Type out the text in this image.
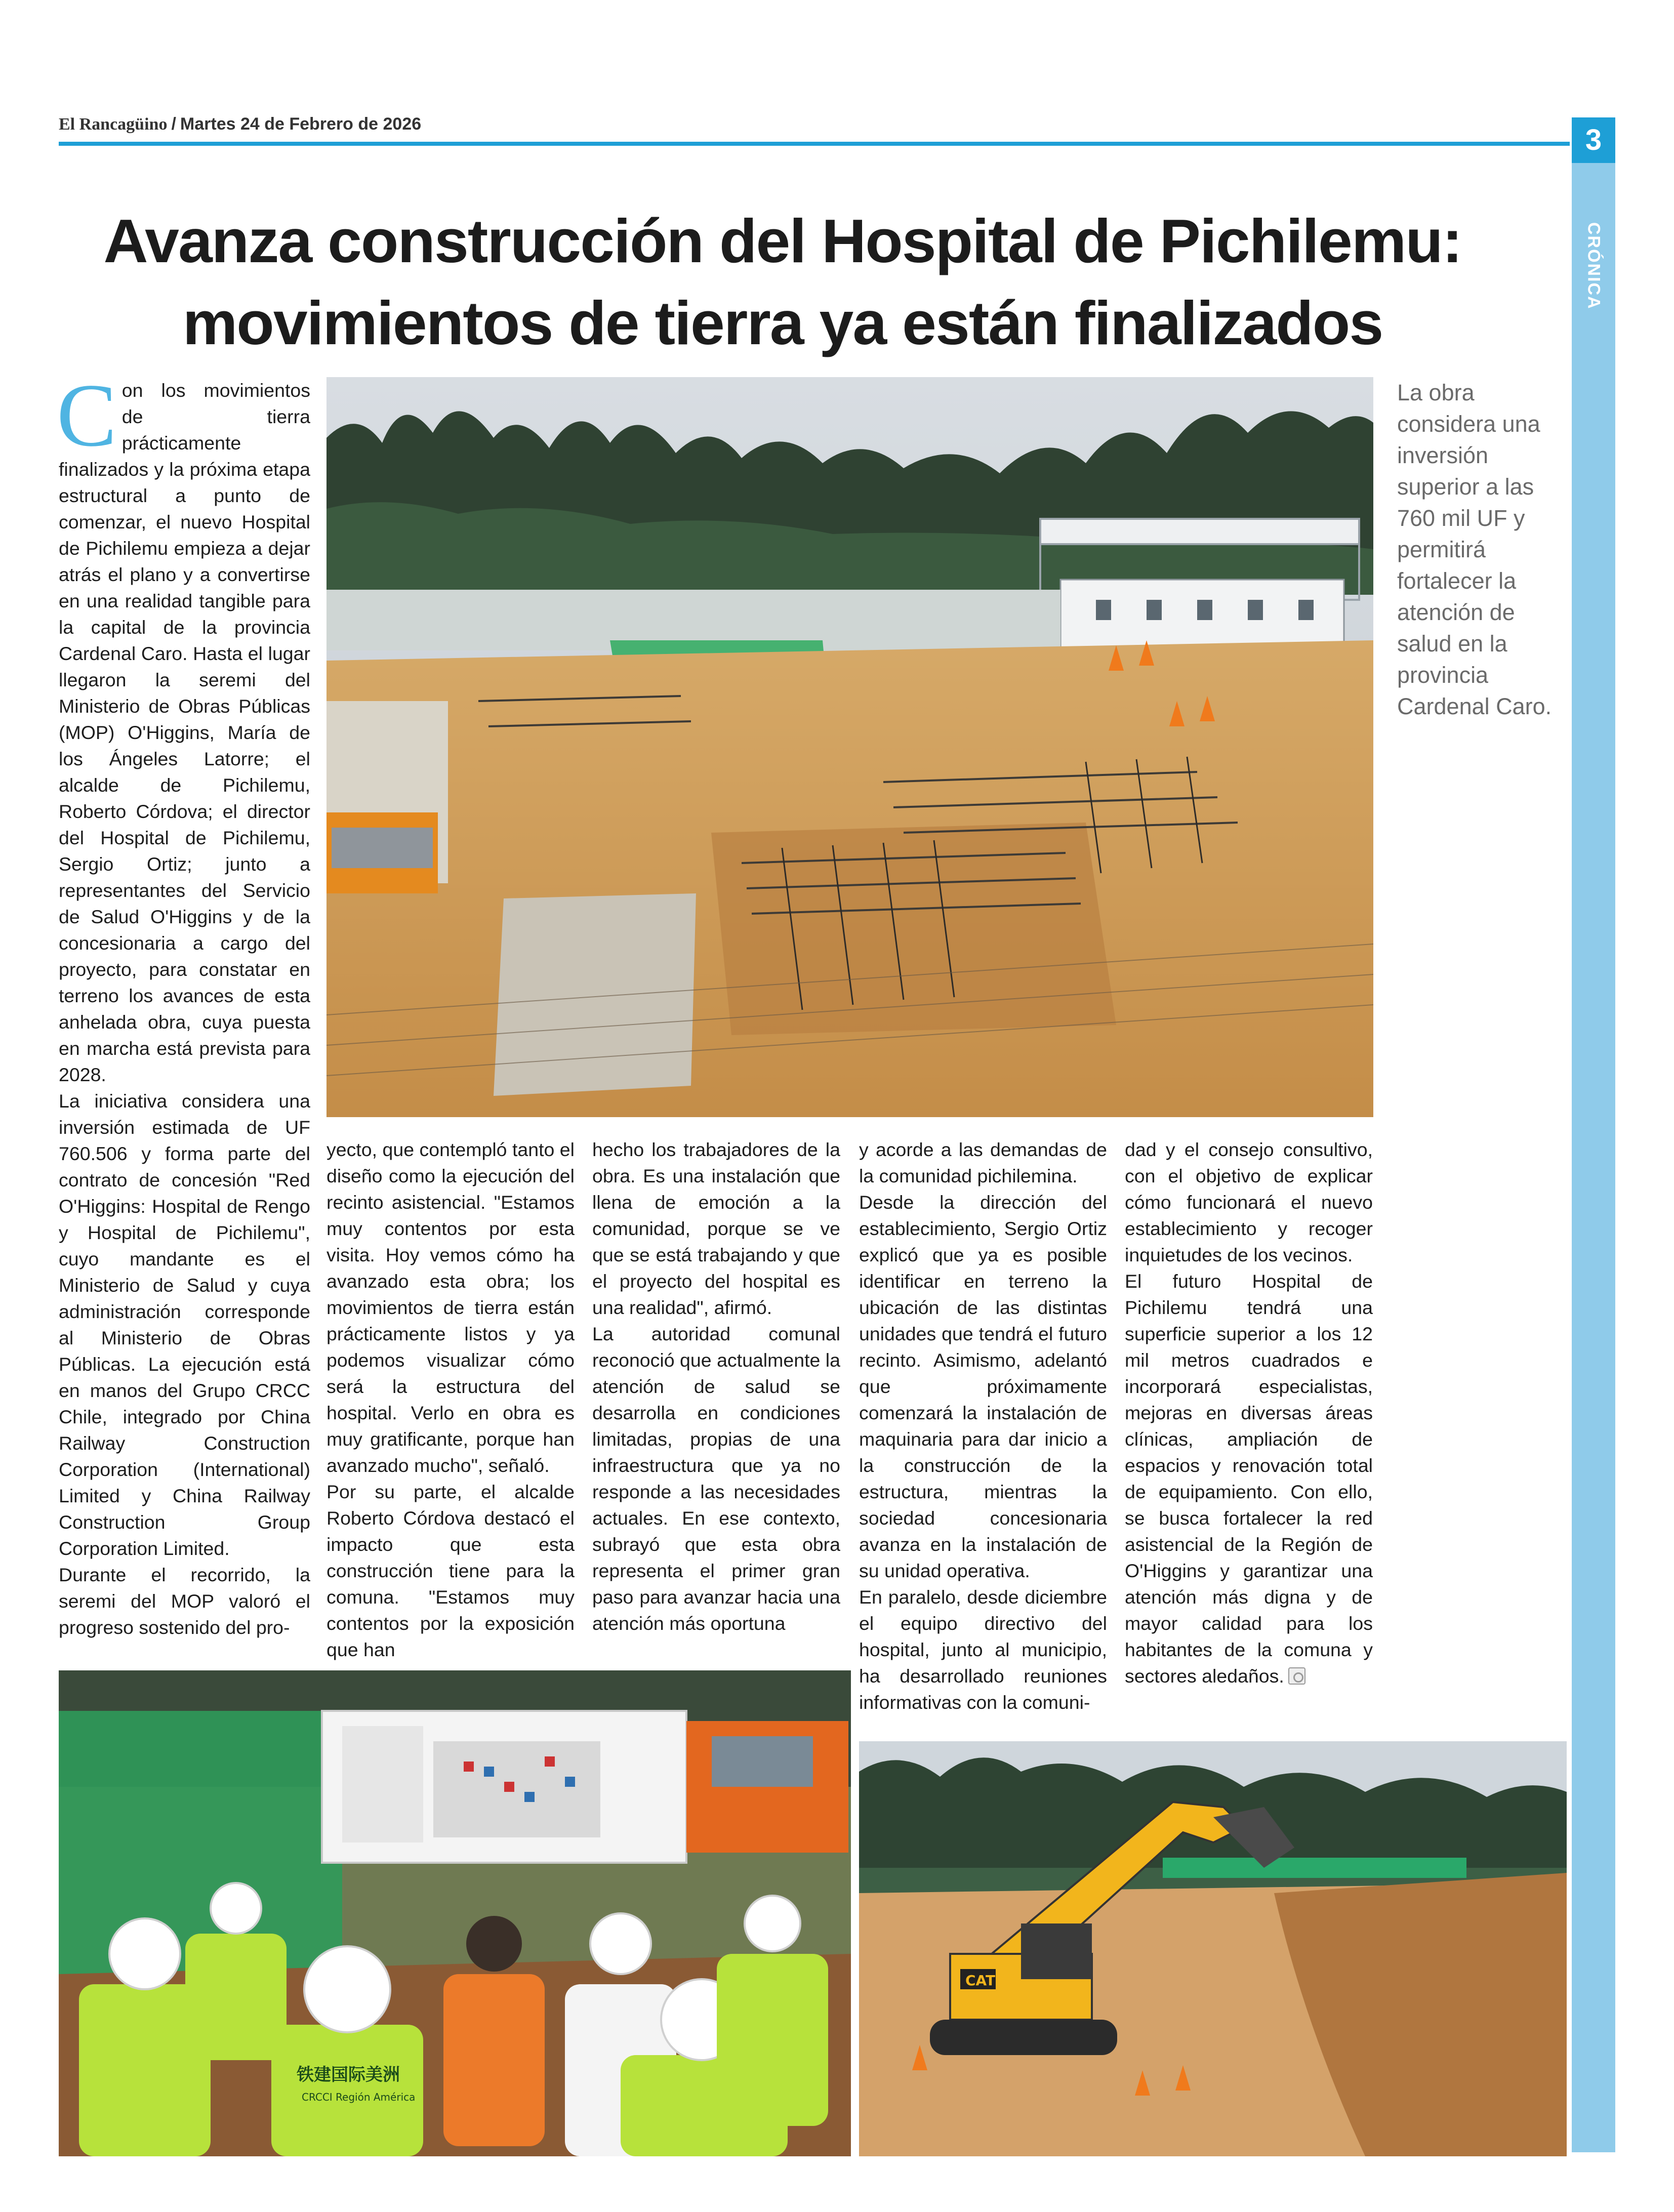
El Rancagüino / Martes 24 de Febrero de 2026	3
CRÓNICA
Avanza construcción del Hospital de Pichilemu:
movimientos de tierra ya están finalizados

Con los movimientos de tierra prácticamente finalizados y la próxima etapa estructural a punto de comenzar, el nuevo Hospital de Pichilemu empieza a dejar atrás el plano y a convertirse en una realidad tangible para la capital de la provincia Cardenal Caro. Hasta el lugar llegaron la seremi del Ministerio de Obras Públicas (MOP) O'Higgins, María de los Ángeles Latorre; el alcalde de Pichilemu, Roberto Córdova; el director del Hospital de Pichilemu, Sergio Ortiz; junto a representantes del Servicio de Salud O'Higgins y de la concesionaria a cargo del proyecto, para constatar en terreno los avances de esta anhelada obra, cuya puesta en marcha está prevista para 2028.

La iniciativa considera una inversión estimada de UF 760.506 y forma parte del contrato de concesión "Red O'Higgins: Hospital de Rengo y Hospital de Pichilemu", cuyo mandante es el Ministerio de Salud y cuya administración corresponde al Ministerio de Obras Públicas. La ejecución está en manos del Grupo CRCC Chile, integrado por China Railway Construction Corporation (International) Limited y China Railway Construction Group Corporation Limited.

Durante el recorrido, la seremi del MOP valoró el progreso sostenido del pro-

yecto, que contempló tanto el diseño como la ejecución del recinto asistencial. "Estamos muy contentos por esta visita. Hoy vemos cómo ha avanzado esta obra; los movimientos de tierra están prácticamente listos y ya podemos visualizar cómo será la estructura del hospital. Verlo en obra es muy gratificante, porque han avanzado mucho", señaló.

Por su parte, el alcalde Roberto Córdova destacó el impacto que esta construcción tiene para la comuna. "Estamos muy contentos por la exposición que han

hecho los trabajadores de la obra. Es una instalación que llena de emoción a la comunidad, porque se ve que se está trabajando y que el proyecto del hospital es una realidad", afirmó.

La autoridad comunal reconoció que actualmente la atención de salud se desarrolla en condiciones limitadas, propias de una infraestructura que ya no responde a las necesidades actuales. En ese contexto, subrayó que esta obra representa el primer gran paso para avanzar hacia una atención más oportuna

y acorde a las demandas de la comunidad pichilemina.

Desde la dirección del establecimiento, Sergio Ortiz explicó que ya es posible identificar en terreno la ubicación de las distintas unidades que tendrá el futuro recinto. Asimismo, adelantó que próximamente comenzará la instalación de maquinaria para dar inicio a la construcción de la estructura, mientras la sociedad concesionaria avanza en la instalación de su unidad operativa.

En paralelo, desde diciembre el equipo directivo del hospital, junto al municipio, ha desarrollado reuniones informativas con la comuni-

dad y el consejo consultivo, con el objetivo de explicar cómo funcionará el nuevo establecimiento y recoger inquietudes de los vecinos.

El futuro Hospital de Pichilemu tendrá una superficie superior a los 12 mil metros cuadrados e incorporará especialistas, mejoras en diversas áreas clínicas, ampliación de espacios y renovación total de equipamiento. Con ello, se busca fortalecer la red asistencial de la Región de O'Higgins y garantizar una atención más digna y de mayor calidad para los habitantes de la comuna y sectores aledaños.

La obra considera una inversión superior a las 760 mil UF y permitirá fortalecer la atención de salud en la provincia Cardenal Caro.
铁建国际美洲
CRCCI Región América
CAT
